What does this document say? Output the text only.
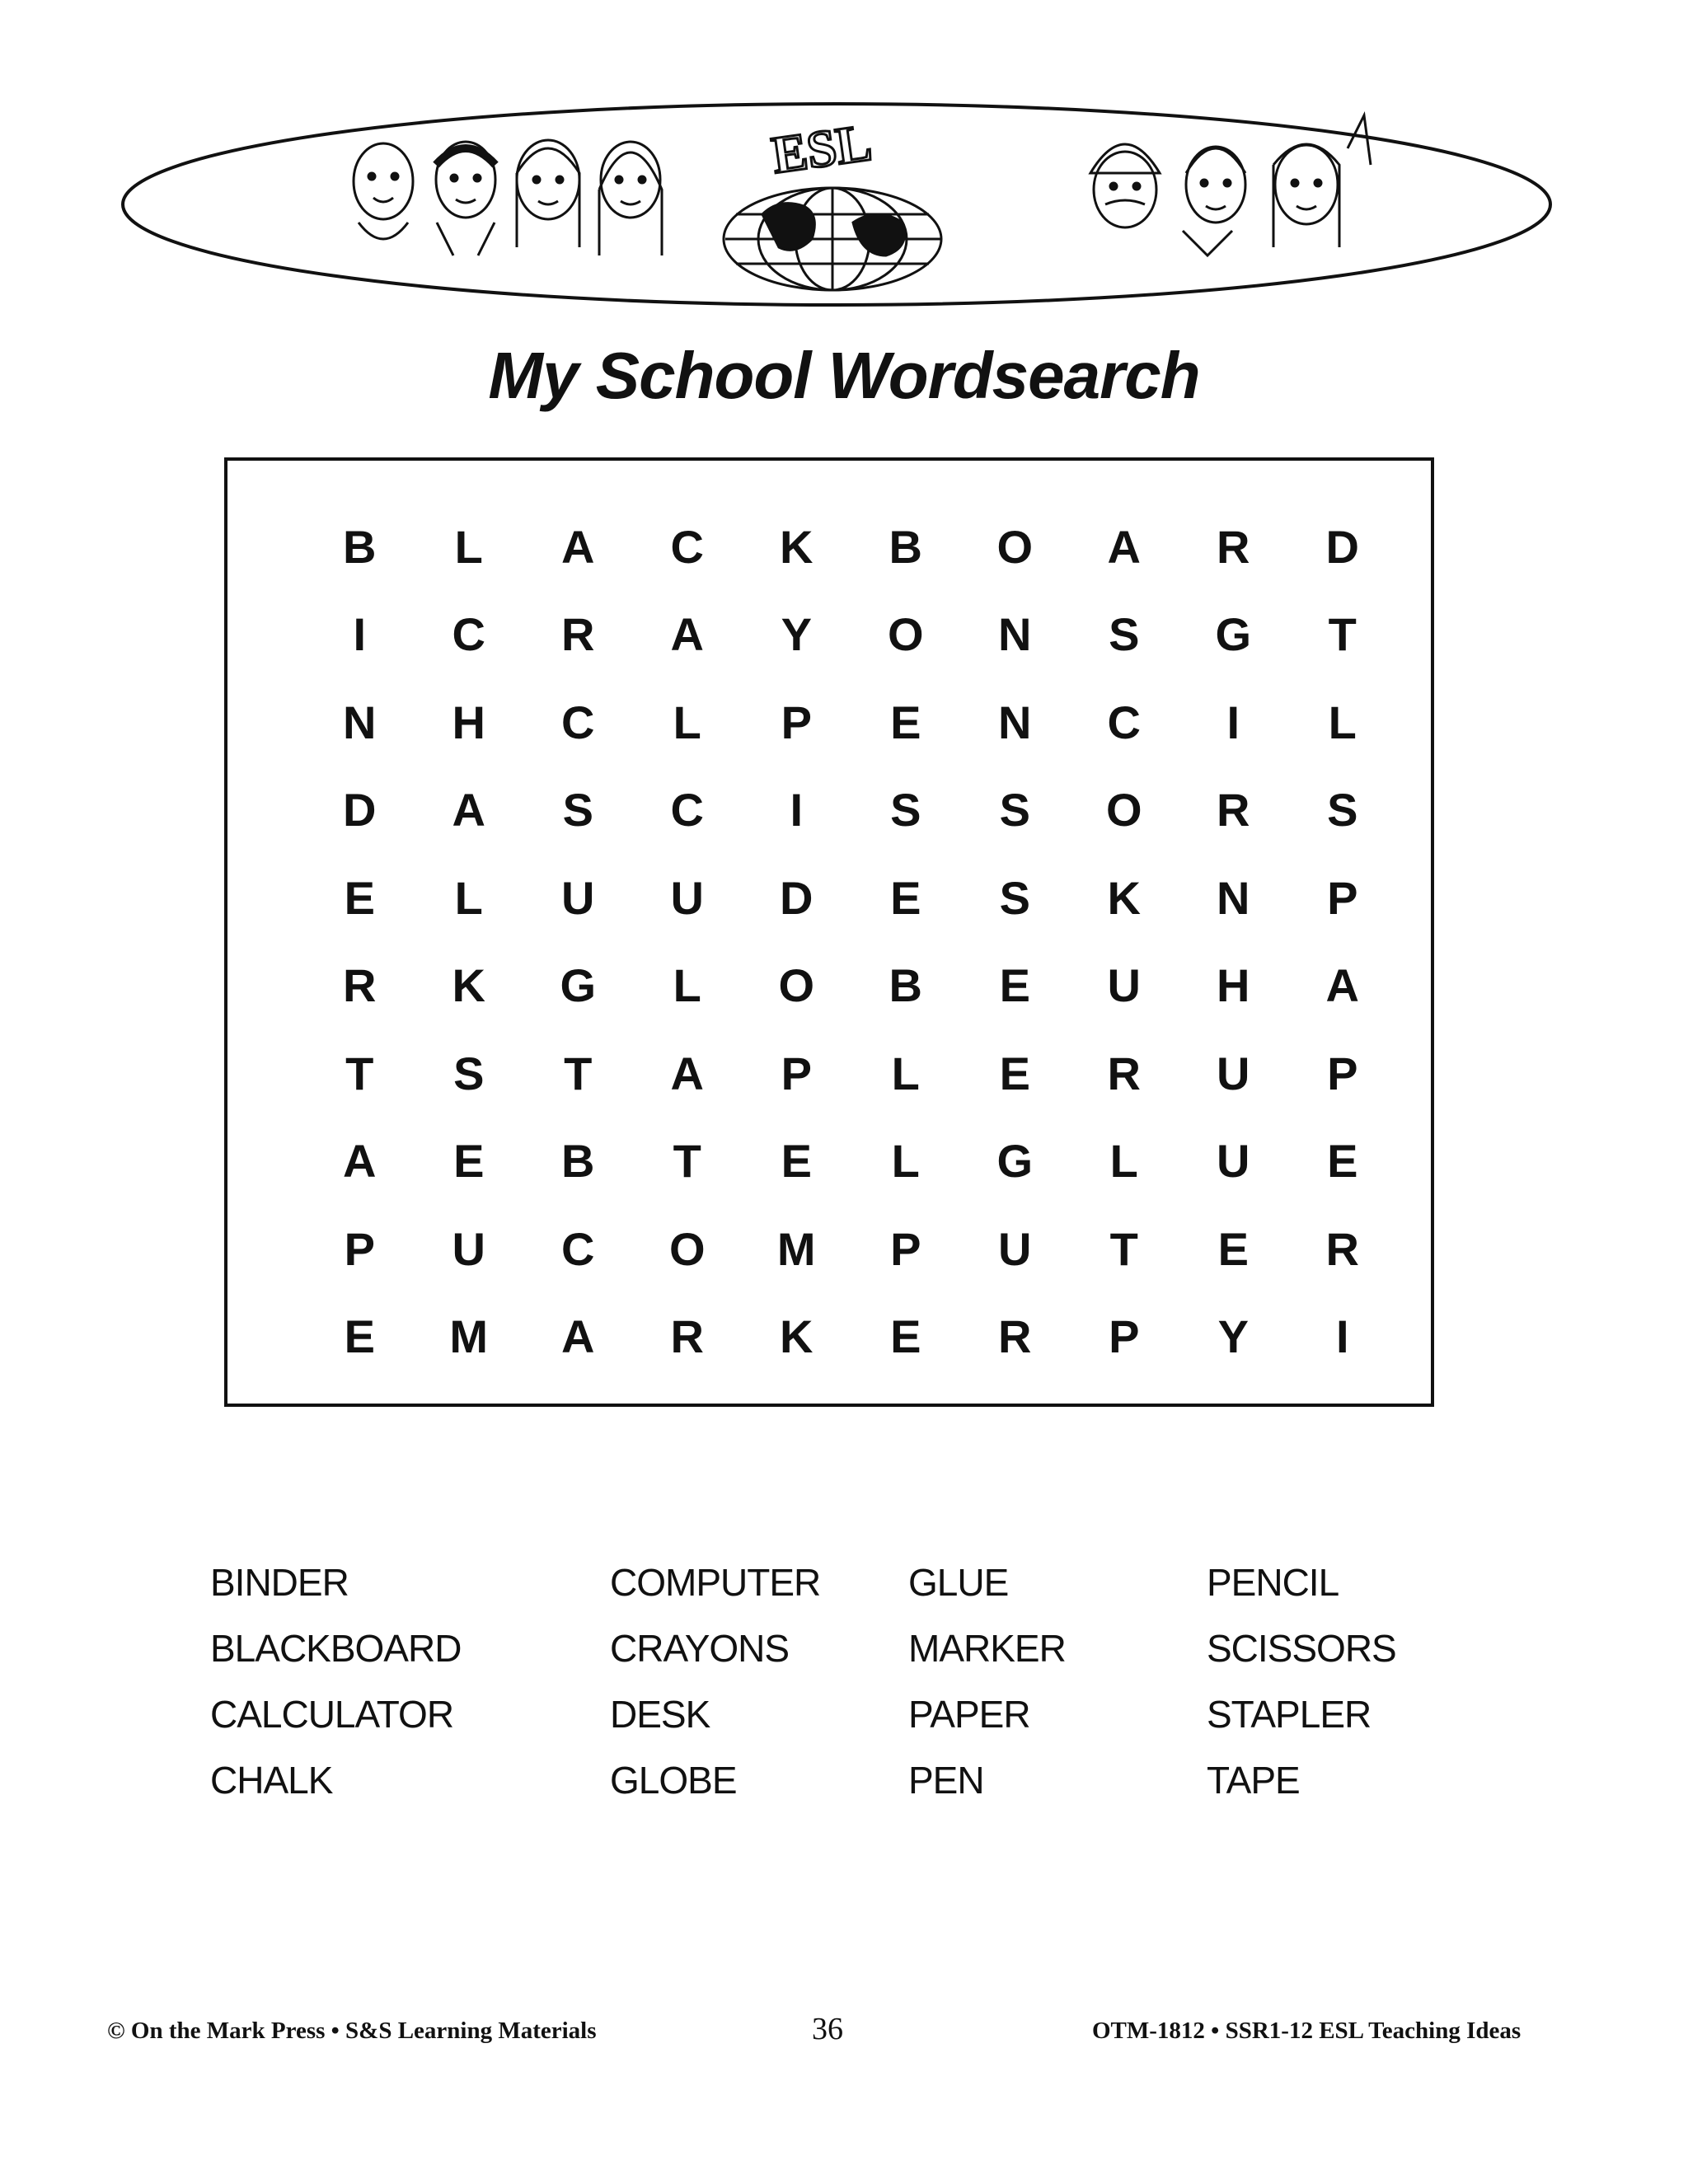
ESL
My School Wordsearch
B	L	A	C	K	B	O	A	R	D
I	C	R	A	Y	O	N	S	G	T
N	H	C	L	P	E	N	C	I	L
D	A	S	C	I	S	S	O	R	S
E	L	U	U	D	E	S	K	N	P
R	K	G	L	O	B	E	U	H	A
T	S	T	A	P	L	E	R	U	P
A	E	B	T	E	L	G	L	U	E
P	U	C	O	M	P	U	T	E	R
E	M	A	R	K	E	R	P	Y	I
BINDER
BLACKBOARD
CALCULATOR
CHALK
COMPUTER
CRAYONS
DESK
GLOBE
GLUE
MARKER
PAPER
PEN
PENCIL
SCISSORS
STAPLER
TAPE
© On the Mark Press • S&S Learning Materials	36	OTM-1812 • SSR1-12 ESL Teaching Ideas
